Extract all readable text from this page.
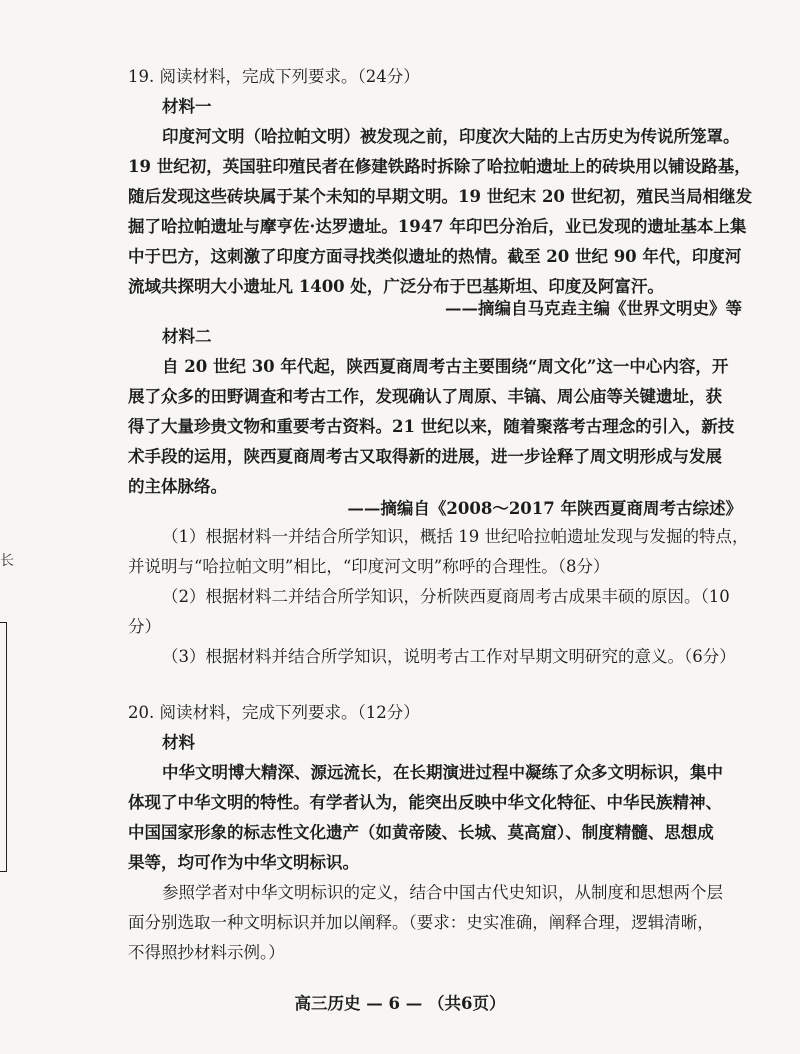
长
19. 阅读材料，完成下列要求。（24分）
材料一
印度河文明（哈拉帕文明）被发现之前，印度次大陆的上古历史为传说所笼罩。
19 世纪初，英国驻印殖民者在修建铁路时拆除了哈拉帕遗址上的砖块用以铺设路基，
随后发现这些砖块属于某个未知的早期文明。19 世纪末 20 世纪初，殖民当局相继发
掘了哈拉帕遗址与摩亨佐·达罗遗址。1947 年印巴分治后，业已发现的遗址基本上集
中于巴方，这刺激了印度方面寻找类似遗址的热情。截至 20 世纪 90 年代，印度河
流域共探明大小遗址凡 1400 处，广泛分布于巴基斯坦、印度及阿富汗。
——摘编自马克垚主编《世界文明史》等
材料二
自 20 世纪 30 年代起，陕西夏商周考古主要围绕“周文化”这一中心内容，开
展了众多的田野调查和考古工作，发现确认了周原、丰镐、周公庙等关键遗址，获
得了大量珍贵文物和重要考古资料。21 世纪以来，随着聚落考古理念的引入，新技
术手段的运用，陕西夏商周考古又取得新的进展，进一步诠释了周文明形成与发展
的主体脉络。
——摘编自《2008～2017 年陕西夏商周考古综述》
（1）根据材料一并结合所学知识，概括 19 世纪哈拉帕遗址发现与发掘的特点，
并说明与“哈拉帕文明”相比，“印度河文明”称呼的合理性。（8分）
（2）根据材料二并结合所学知识，分析陕西夏商周考古成果丰硕的原因。（10
分）
（3）根据材料并结合所学知识，说明考古工作对早期文明研究的意义。（6分）
20. 阅读材料，完成下列要求。（12分）
材料
中华文明博大精深、源远流长，在长期演进过程中凝练了众多文明标识，集中
体现了中华文明的特性。有学者认为，能突出反映中华文化特征、中华民族精神、
中国国家形象的标志性文化遗产（如黄帝陵、长城、莫高窟）、制度精髓、思想成
果等，均可作为中华文明标识。
参照学者对中华文明标识的定义，结合中国古代史知识，从制度和思想两个层
面分别选取一种文明标识并加以阐释。（要求：史实准确，阐释合理，逻辑清晰，
不得照抄材料示例。）
高三历史 — 6 — （共6页）
